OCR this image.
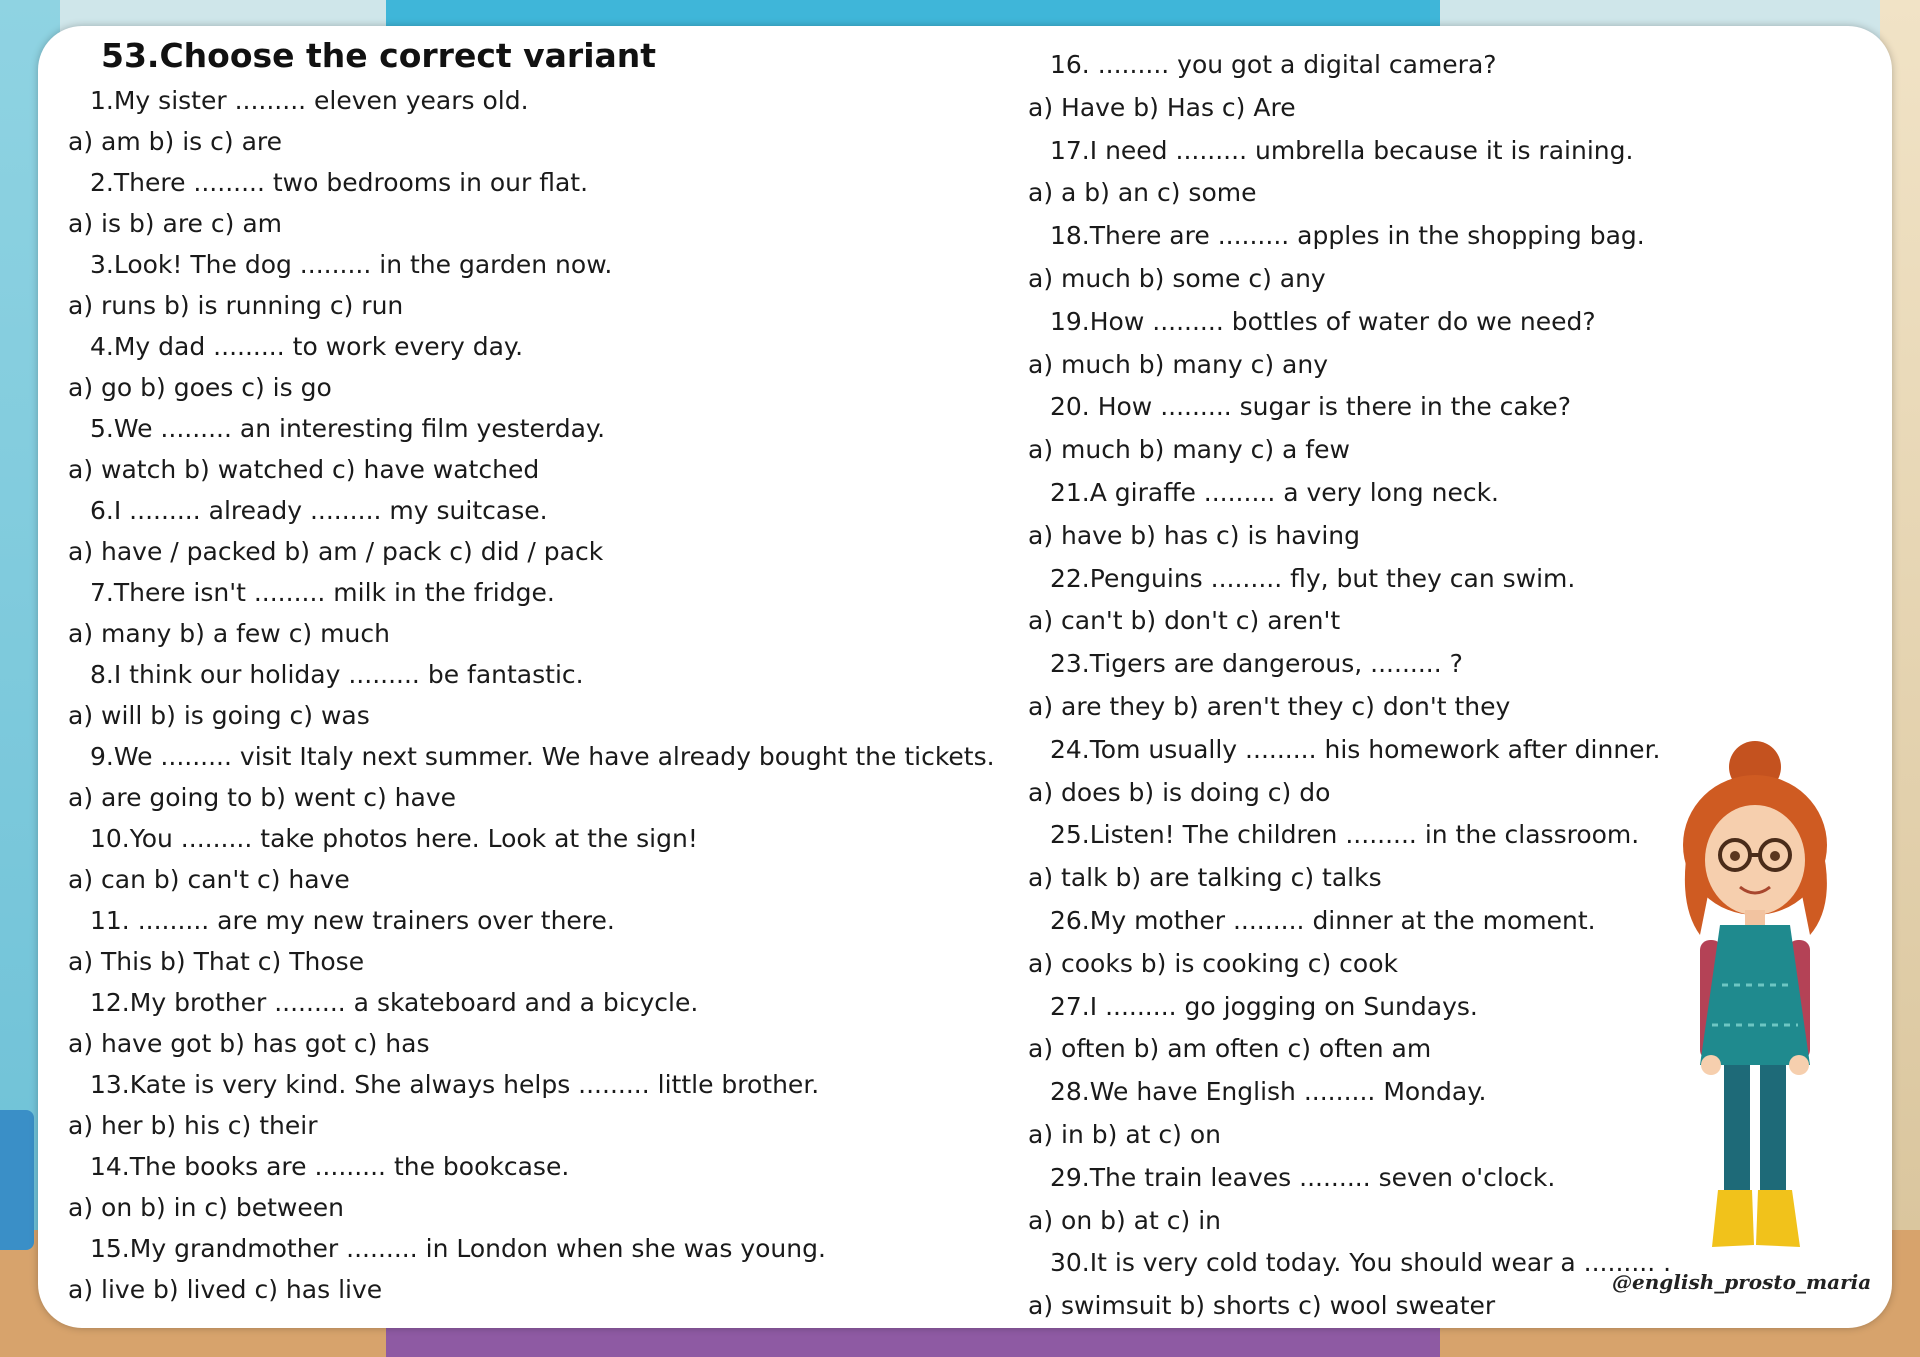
53.Choose the correct variant
1.My sister ......... eleven years old.
a) am b) is c) are
2.There ......... two bedrooms in our flat.
a) is b) are c) am
3.Look! The dog ......... in the garden now.
a) runs b) is running c) run
4.My dad ......... to work every day.
a) go b) goes c) is go
5.We ......... an interesting film yesterday.
a) watch b) watched c) have watched
6.I ......... already ......... my suitcase.
a) have / packed b) am / pack c) did / pack
7.There isn't ......... milk in the fridge.
a) many b) a few c) much
8.I think our holiday ......... be fantastic.
a) will b) is going c) was
9.We ......... visit Italy next summer. We have already bought the tickets.
a) are going to b) went c) have
10.You ......... take photos here. Look at the sign!
a) can b) can't c) have
11. ......... are my new trainers over there.
a) This b) That c) Those
12.My brother ......... a skateboard and a bicycle.
a) have got b) has got c) has
13.Kate is very kind. She always helps ......... little brother.
a) her b) his c) their
14.The books are ......... the bookcase.
a) on b) in c) between
15.My grandmother ......... in London when she was young.
a) live b) lived c) has live
16. ......... you got a digital camera?
a) Have b) Has c) Are
17.I need ......... umbrella because it is raining.
a) a b) an c) some
18.There are ......... apples in the shopping bag.
a) much b) some c) any
19.How ......... bottles of water do we need?
a) much b) many c) any
20. How ......... sugar is there in the cake?
a) much b) many c) a few
21.A giraffe ......... a very long neck.
a) have b) has c) is having
22.Penguins ......... fly, but they can swim.
a) can't b) don't c) aren't
23.Tigers are dangerous, ......... ?
a) are they b) aren't they c) don't they
24.Tom usually ......... his homework after dinner.
a) does b) is doing c) do
25.Listen! The children ......... in the classroom.
a) talk b) are talking c) talks
26.My mother ......... dinner at the moment.
a) cooks b) is cooking c) cook
27.I ......... go jogging on Sundays.
a) often b) am often c) often am
28.We have English ......... Monday.
a) in b) at c) on
29.The train leaves ......... seven o'clock.
a) on b) at c) in
30.It is very cold today. You should wear a ......... .
a) swimsuit b) shorts c) wool sweater
@english_prosto_maria
